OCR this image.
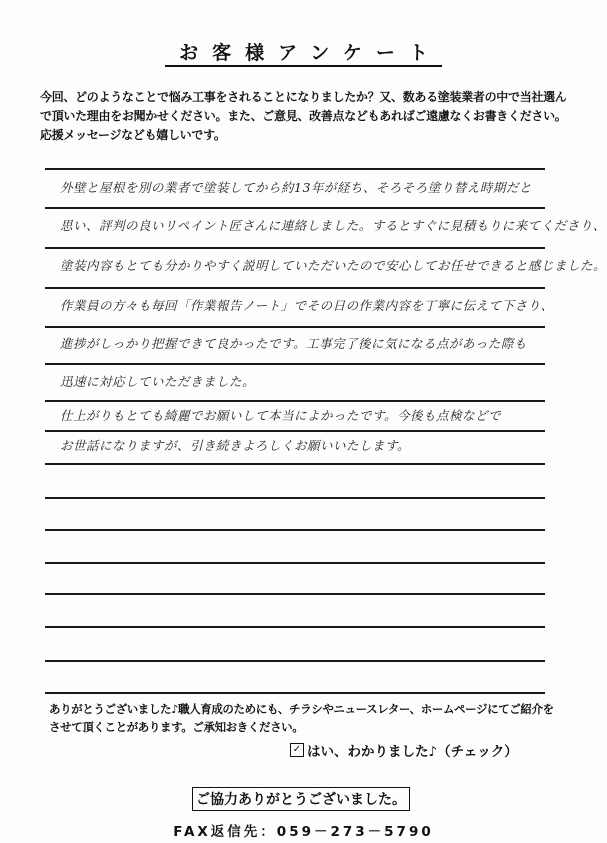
お客様アンケート
今回、どのようなことで悩み工事をされることになりましたか？又、数ある塗装業者の中で当社選んで頂いた理由をお聞かせください。また、ご意見、改善点などもあればご遠慮なくお書きください。応援メッセージなども嬉しいです。
外壁と屋根を別の業者で塗装してから約13年が経ち、そろそろ塗り替え時期だと
思い、評判の良いリペイント匠さんに連絡しました。するとすぐに見積もりに来てくださり、
塗装内容もとても分かりやすく説明していただいたので安心してお任せできると感じました。
作業員の方々も毎回「作業報告ノート」でその日の作業内容を丁寧に伝えて下さり、
進捗がしっかり把握できて良かったです。工事完了後に気になる点があった際も
迅速に対応していただきました。
仕上がりもとても綺麗でお願いして本当によかったです。今後も点検などで
お世話になりますが、引き続きよろしくお願いいたします。
ありがとうございました♪職人育成のためにも、チラシやニュースレター、ホームページにてご紹介をさせて頂くことがあります。ご承知おきください。
✓ はい、わかりました♪（チェック）
ご協力ありがとうございました。
FAX返信先：059－273－5790
